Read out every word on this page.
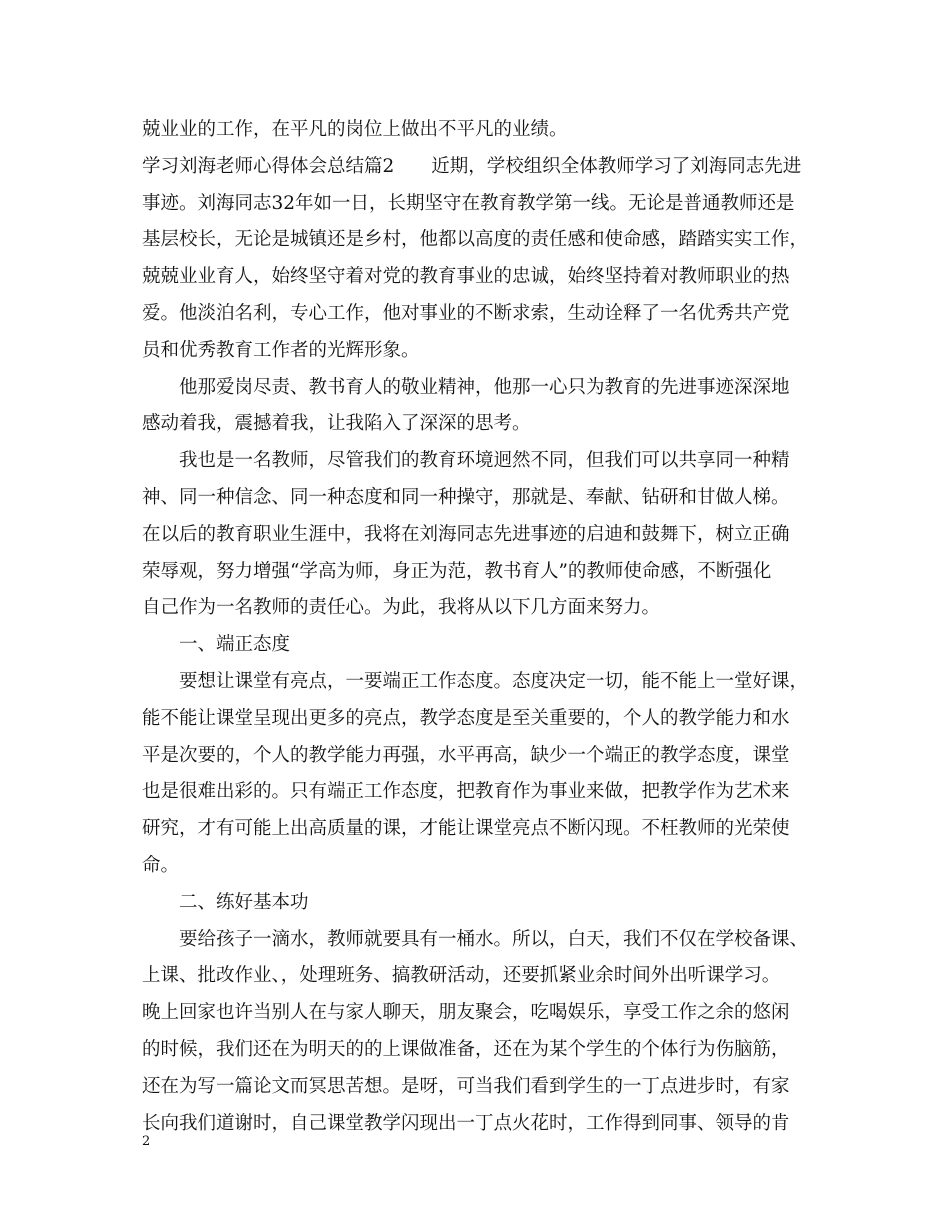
兢业业的工作，在平凡的岗位上做出不平凡的业绩。
学习刘海老师心得体会总结篇2　　近期，学校组织全体教师学习了刘海同志先进
事迹。刘海同志32年如一日，长期坚守在教育教学第一线。无论是普通教师还是
基层校长，无论是城镇还是乡村，他都以高度的责任感和使命感，踏踏实实工作，
兢兢业业育人，始终坚守着对党的教育事业的忠诚，始终坚持着对教师职业的热
爱。他淡泊名利，专心工作，他对事业的不断求索，生动诠释了一名优秀共产党
员和优秀教育工作者的光辉形象。
他那爱岗尽责、教书育人的敬业精神，他那一心只为教育的先进事迹深深地
感动着我，震撼着我，让我陷入了深深的思考。
我也是一名教师，尽管我们的教育环境迥然不同，但我们可以共享同一种精
神、同一种信念、同一种态度和同一种操守，那就是、奉献、钻研和甘做人梯。
在以后的教育职业生涯中，我将在刘海同志先进事迹的启迪和鼓舞下，树立正确
荣辱观，努力增强“学高为师，身正为范，教书育人”的教师使命感，不断强化
自己作为一名教师的责任心。为此，我将从以下几方面来努力。
一、端正态度
要想让课堂有亮点，一要端正工作态度。态度决定一切，能不能上一堂好课，
能不能让课堂呈现出更多的亮点，教学态度是至关重要的，个人的教学能力和水
平是次要的，个人的教学能力再强，水平再高，缺少一个端正的教学态度，课堂
也是很难出彩的。只有端正工作态度，把教育作为事业来做，把教学作为艺术来
研究，才有可能上出高质量的课，才能让课堂亮点不断闪现。不枉教师的光荣使
命。
二、练好基本功
要给孩子一滴水，教师就要具有一桶水。所以，白天，我们不仅在学校备课、
上课、批改作业、，处理班务、搞教研活动，还要抓紧业余时间外出听课学习。
晚上回家也许当别人在与家人聊天，朋友聚会，吃喝娱乐，享受工作之余的悠闲
的时候，我们还在为明天的的上课做准备，还在为某个学生的个体行为伤脑筋，
还在为写一篇论文而冥思苦想。是呀，可当我们看到学生的一丁点进步时，有家
长向我们道谢时，自己课堂教学闪现出一丁点火花时，工作得到同事、领导的肯
2
